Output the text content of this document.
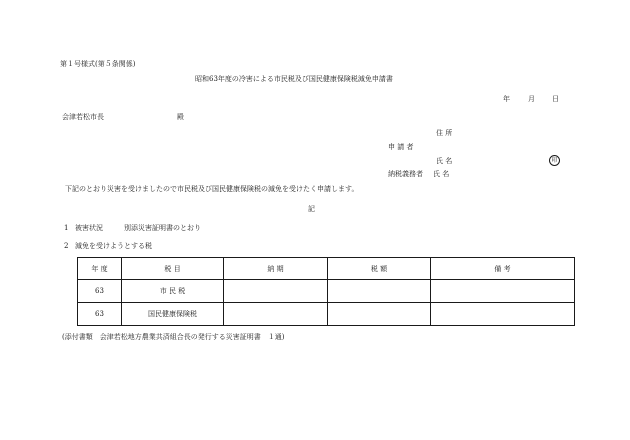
第１号様式(第５条関係)
昭和63年度の冷害による市民税及び国民健康保険税減免申請書
年	月 日
会津若松市長	殿
住 所
申 請 者
氏 名	印
納税義務者 氏 名
下記のとおり災害を受けましたので市民税及び国民健康保険税の減免を受けたく申請します。
記
1 被害状況	別添災害証明書のとおり
2 減免を受けようとする税
年 度	税 目	納 期	税 額	備 考
63	市 民 税			
63	国民健康保険税			
(添付書類　会津若松地方農業共済組合長の発行する災害証明書　１通)
